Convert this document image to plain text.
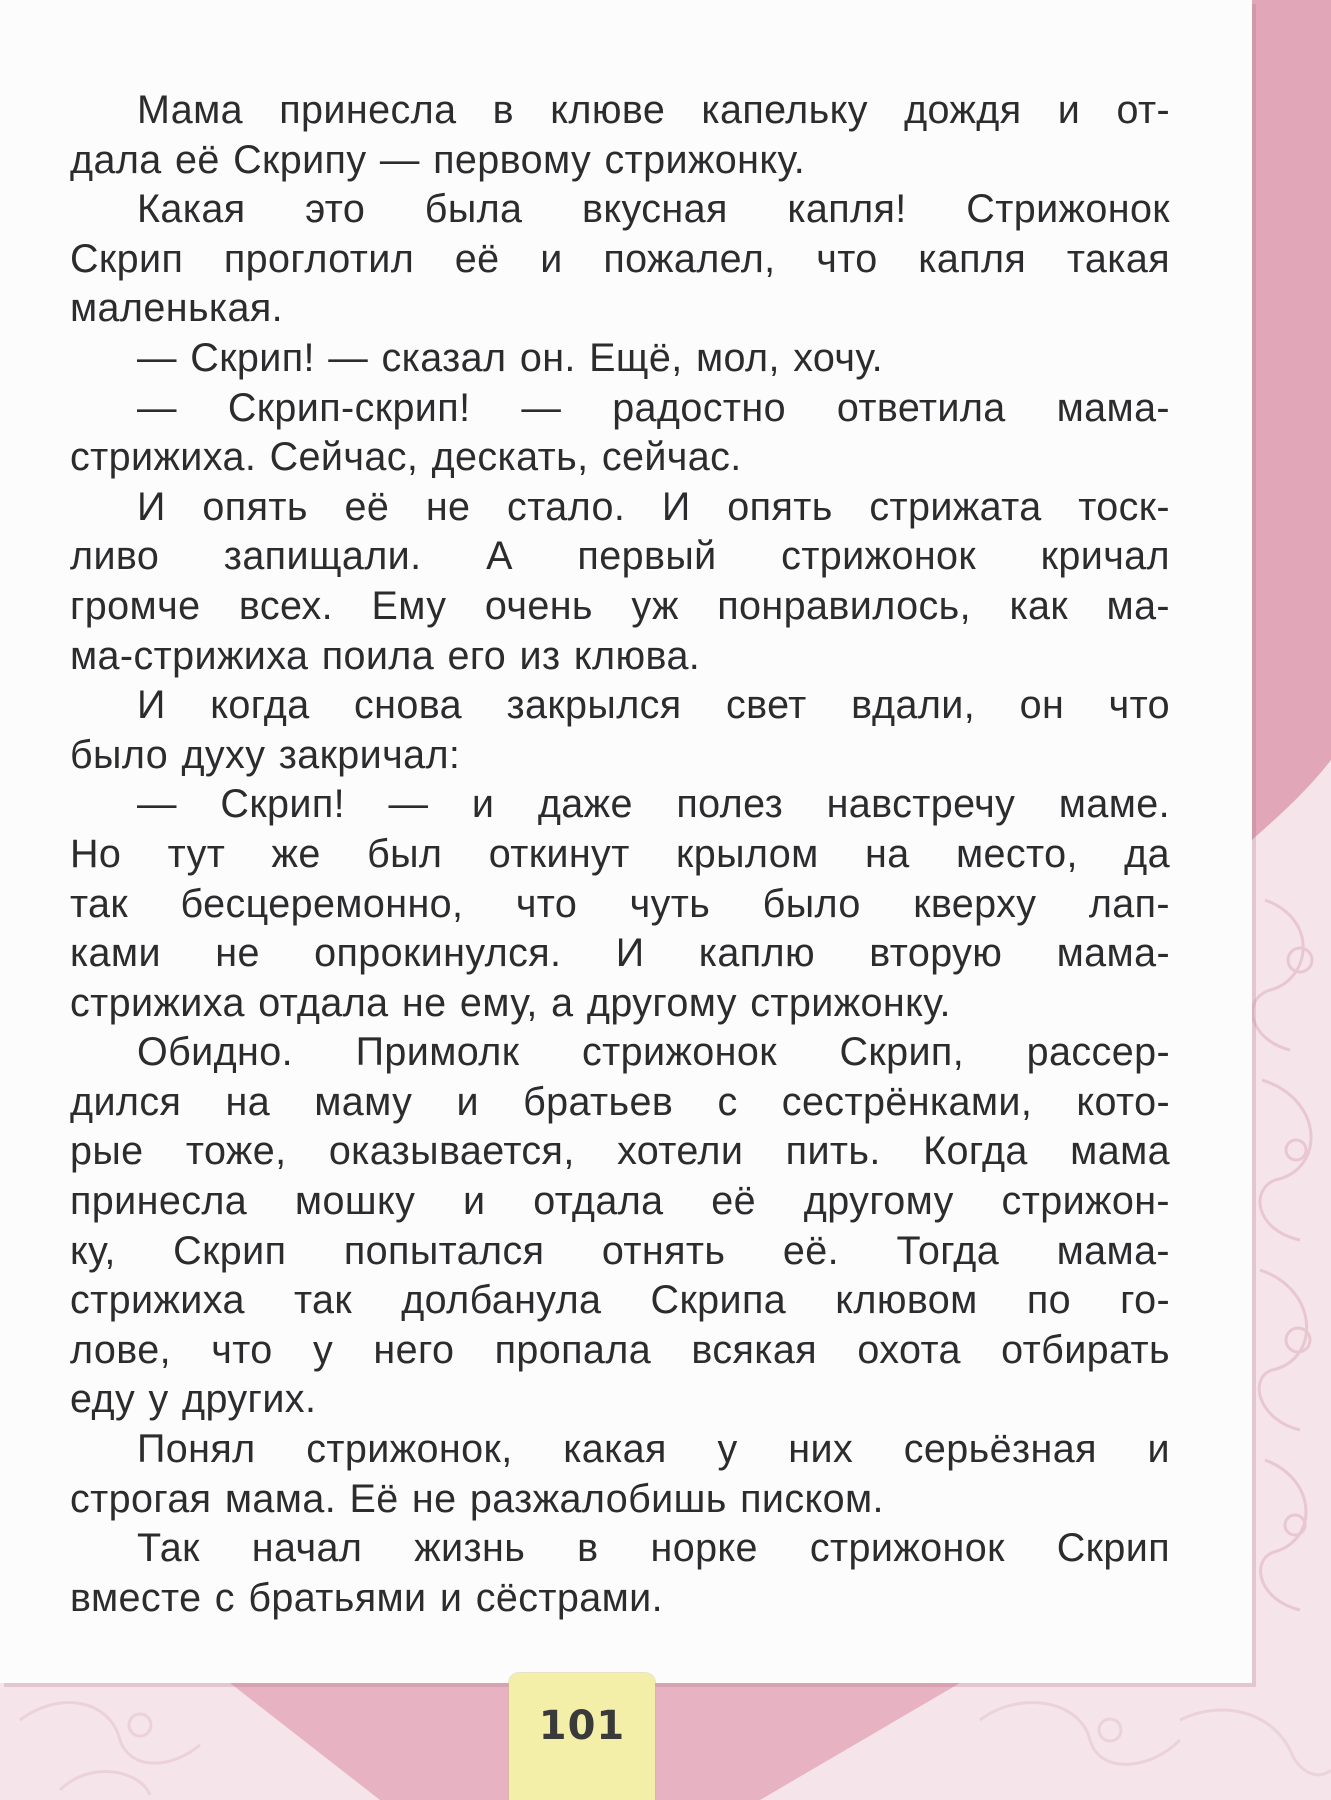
Мама принесла в клюве капельку дождя и от-
дала её Скрипу — первому стрижонку.

Какая это была вкусная капля! Стрижонок
Скрип проглотил её и пожалел, что капля такая
маленькая.

— Скрип! — сказал он. Ещё, мол, хочу.

— Скрип-скрип! — радостно ответила мама-
стрижиха. Сейчас, дескать, сейчас.

И опять её не стало. И опять стрижата тоск-
ливо запищали. А первый стрижонок кричал
громче всех. Ему очень уж понравилось, как ма-
ма-стрижиха поила его из клюва.

И когда снова закрылся свет вдали, он что
было духу закричал:

— Скрип! — и даже полез навстречу маме.
Но тут же был откинут крылом на место, да
так бесцеремонно, что чуть было кверху лап-
ками не опрокинулся. И каплю вторую мама-
стрижиха отдала не ему, а другому стрижонку.

Обидно. Примолк стрижонок Скрип, рассер-
дился на маму и братьев с сестрёнками, кото-
рые тоже, оказывается, хотели пить. Когда мама
принесла мошку и отдала её другому стрижон-
ку, Скрип попытался отнять её. Тогда мама-
стрижиха так долбанула Скрипа клювом по го-
лове, что у него пропала всякая охота отбирать
еду у других.

Понял стрижонок, какая у них серьёзная и
строгая мама. Её не разжалобишь писком.

Так начал жизнь в норке стрижонок Скрип
вместе с братьями и сёстрами.

101
